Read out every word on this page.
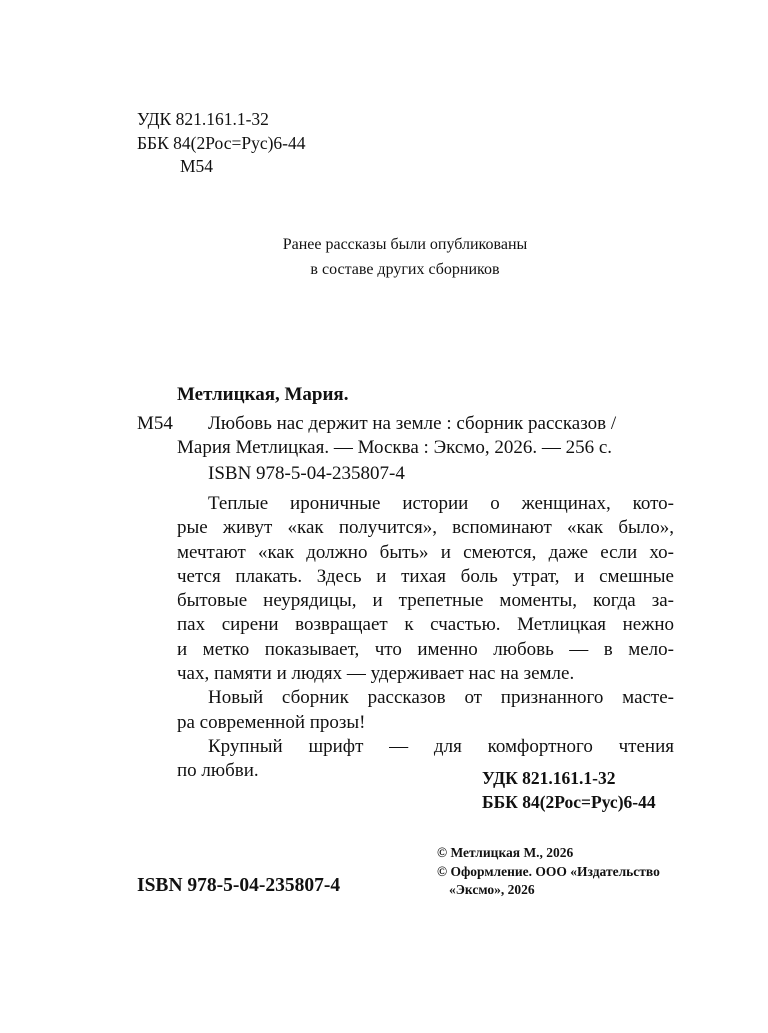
УДК 821.161.1-32
ББК 84(2Рос=Рус)6-44
М54
Ранее рассказы были опубликованы
в составе других сборников
Метлицкая, Мария.
М54 Любовь нас держит на земле : сборник рассказов /
Мария Метлицкая. — Москва : Эксмо, 2026. — 256 с.
ISBN 978-5-04-235807-4
Теплые ироничные истории о женщинах, кото-
рые живут «как получится», вспоминают «как было»,
мечтают «как должно быть» и смеются, даже если хо-
чется плакать. Здесь и тихая боль утрат, и смешные
бытовые неурядицы, и трепетные моменты, когда за-
пах сирени возвращает к счастью. Метлицкая нежно
и метко показывает, что именно любовь — в мело-
чах, памяти и людях — удерживает нас на земле.
Новый сборник рассказов от признанного масте-
ра современной прозы!
Крупный шрифт — для комфортного чтения
по любви.	УДК 821.161.1-32
ББК 84(2Рос=Рус)6-44
© Метлицкая М., 2026
© Оформление. ООО «Издательство
«Эксмо», 2026
ISBN 978-5-04-235807-4
